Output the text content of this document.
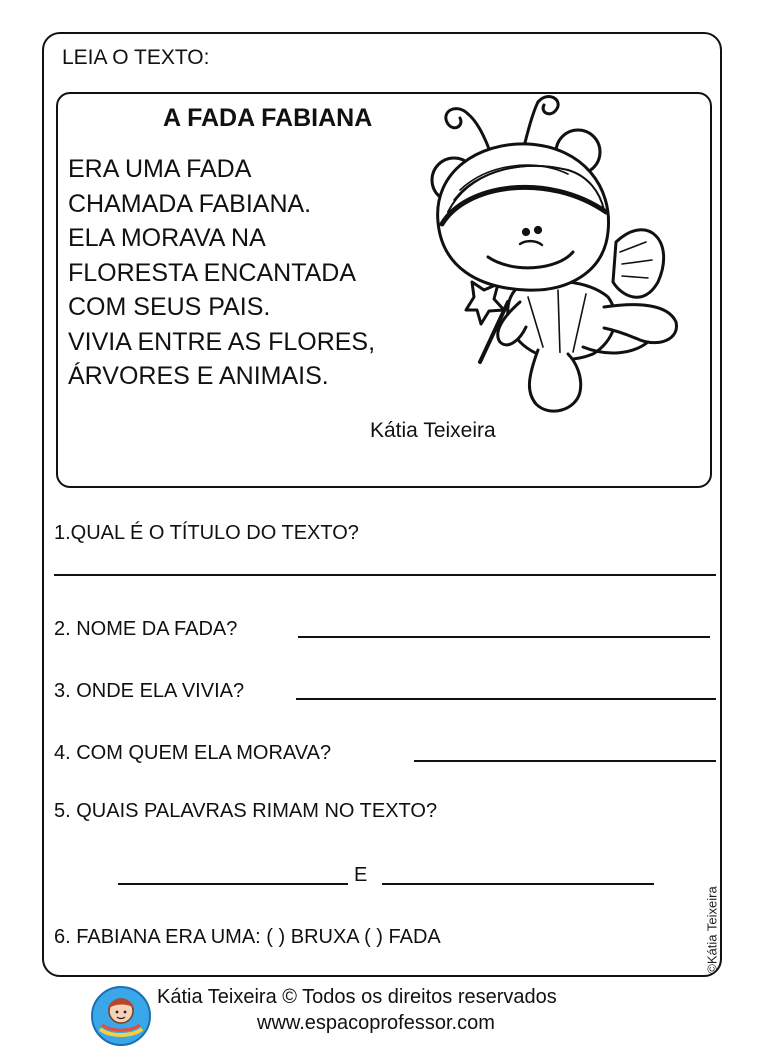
LEIA O TEXTO:
A FADA FABIANA
ERA UMA FADA
CHAMADA FABIANA.
ELA MORAVA NA
FLORESTA ENCANTADA
COM SEUS PAIS.
VIVIA ENTRE AS FLORES,
ÁRVORES E ANIMAIS.
Kátia Teixeira
1.QUAL É O TÍTULO DO TEXTO?
2. NOME DA FADA?
3. ONDE ELA VIVIA?
4. COM QUEM ELA MORAVA?
5. QUAIS PALAVRAS RIMAM NO TEXTO?
E
6. FABIANA ERA UMA: ( ) BRUXA ( ) FADA	©Kátia Teixeira
Kátia Teixeira © Todos os direitos reservados
www.espacoprofessor.com
